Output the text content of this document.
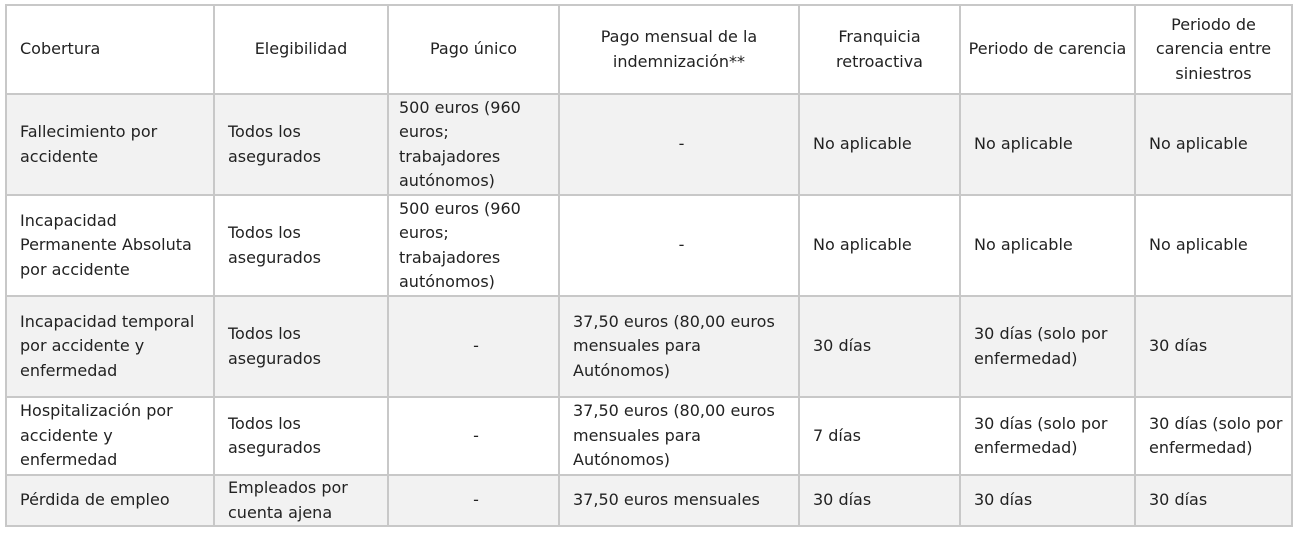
Cobertura	Elegibilidad	Pago único	Pago mensual de la indemnización**	Franquicia retroactiva	Periodo de carencia	Periodo de carencia entre siniestros
Fallecimiento por accidente	Todos los asegurados	500 euros (960 euros; trabajadores autónomos)	-	No aplicable	No aplicable	No aplicable
Incapacidad Permanente Absoluta por accidente	Todos los asegurados	500 euros (960 euros; trabajadores autónomos)	-	No aplicable	No aplicable	No aplicable
Incapacidad temporal por accidente y enfermedad	Todos los asegurados	-	37,50 euros (80,00 euros mensuales para Autónomos)	30 días	30 días (solo por enfermedad)	30 días
Hospitalización por accidente y enfermedad	Todos los asegurados	-	37,50 euros (80,00 euros mensuales para Autónomos)	7 días	30 días (solo por enfermedad)	30 días (solo por enfermedad)
Pérdida de empleo	Empleados por cuenta ajena	-	37,50 euros mensuales	30 días	30 días	30 días
